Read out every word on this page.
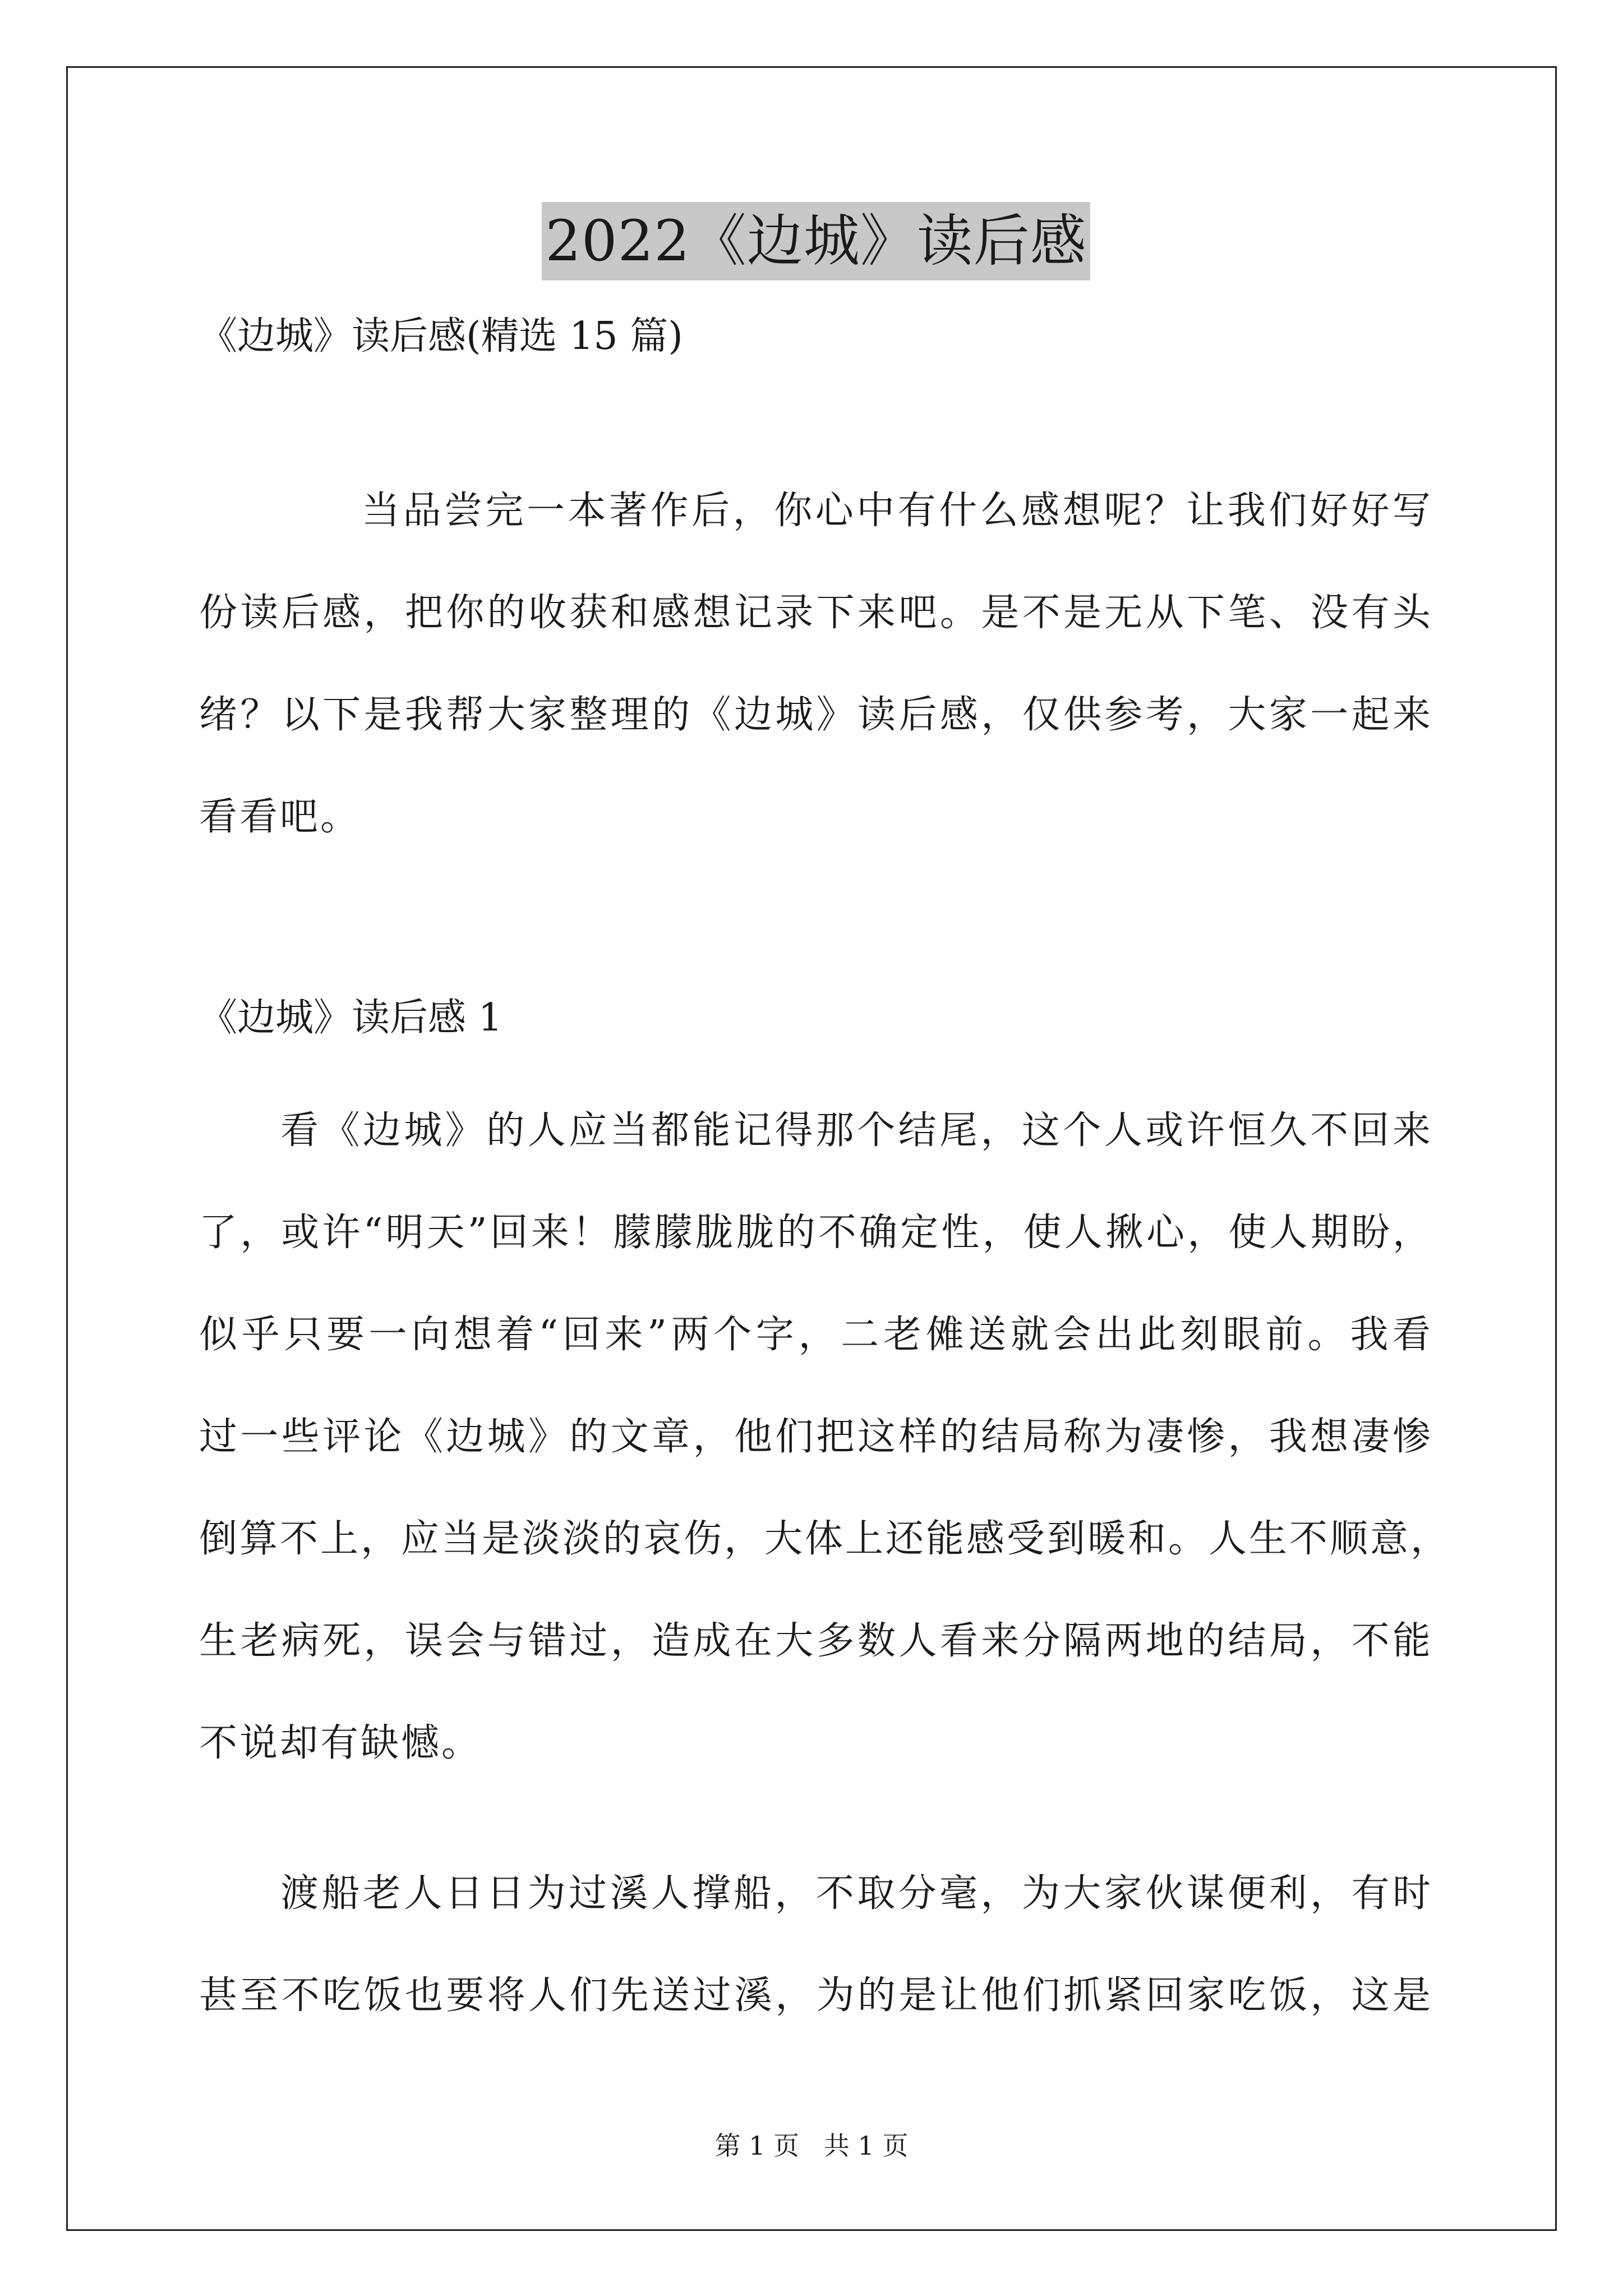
2022《边城》读后感
《边城》读后感(精选 15 篇)

当品尝完一本著作后，你心中有什么感想呢？让我们好好写
份读后感，把你的收获和感想记录下来吧。是不是无从下笔、没有头
绪？以下是我帮大家整理的《边城》读后感，仅供参考，大家一起来
看看吧。

《边城》读后感 1

看《边城》的人应当都能记得那个结尾，这个人或许恒久不回来
了，或许“明天”回来！朦朦胧胧的不确定性，使人揪心，使人期盼，
似乎只要一向想着“回来”两个字，二老傩送就会出此刻眼前。我看
过一些评论《边城》的文章，他们把这样的结局称为凄惨，我想凄惨
倒算不上，应当是淡淡的哀伤，大体上还能感受到暖和。人生不顺意，
生老病死，误会与错过，造成在大多数人看来分隔两地的结局，不能
不说却有缺憾。

渡船老人日日为过溪人撑船，不取分毫，为大家伙谋便利，有时
甚至不吃饭也要将人们先送过溪，为的是让他们抓紧回家吃饭，这是

第 1 页   共 1 页
